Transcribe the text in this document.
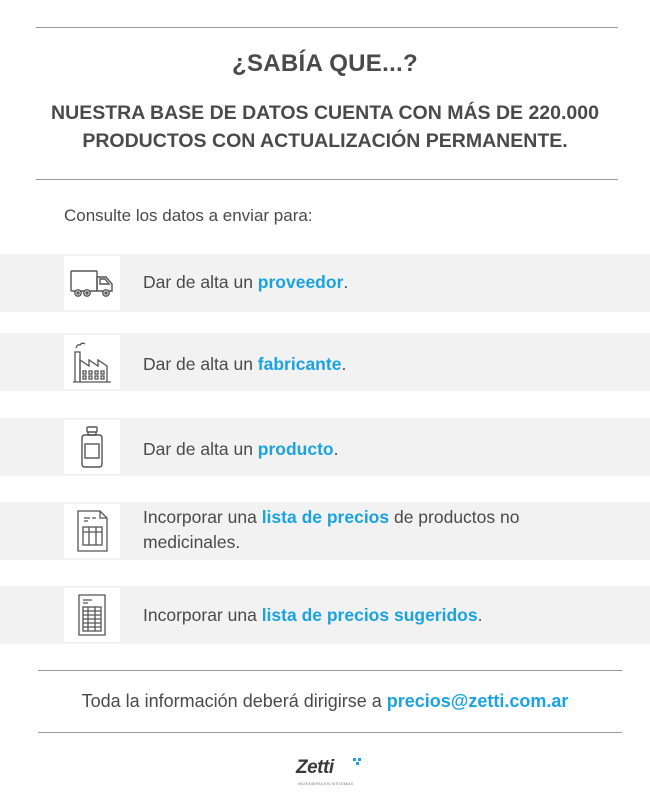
¿SABÍA QUE...?
NUESTRA BASE DE DATOS CUENTA CON MÁS DE 220.000
PRODUCTOS CON ACTUALIZACIÓN PERMANENTE.
Consulte los datos a enviar para:
Dar de alta un proveedor.
Dar de alta un fabricante.
Dar de alta un producto.
Incorporar una lista de precios de productos no medicinales.
Incorporar una lista de precios sugeridos.
Toda la información deberá dirigirse a precios@zetti.com.ar
Zetti
INGENIERÍA EN SISTEMAS
